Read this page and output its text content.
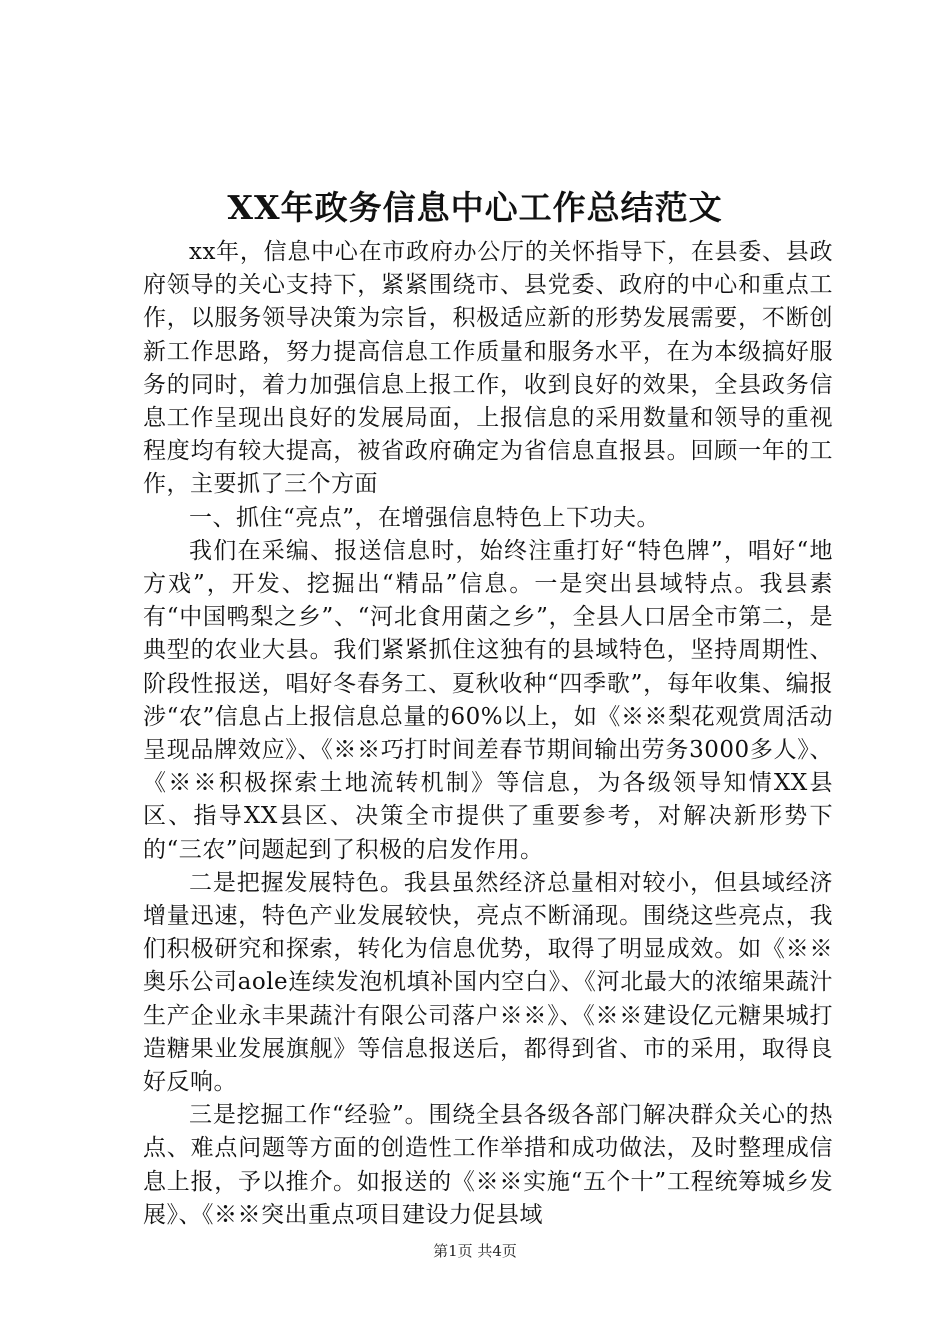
XX年政务信息中心工作总结范文

xx年，信息中心在市政府办公厅的关怀指导下，在县委、县政府领导的关心支持下，紧紧围绕市、县党委、政府的中心和重点工作，以服务领导决策为宗旨，积极适应新的形势发展需要，不断创新工作思路，努力提高信息工作质量和服务水平，在为本级搞好服务的同时，着力加强信息上报工作，收到良好的效果，全县政务信息工作呈现出良好的发展局面，上报信息的采用数量和领导的重视程度均有较大提高，被省政府确定为省信息直报县。回顾一年的工作，主要抓了三个方面

一、抓住“亮点”，在增强信息特色上下功夫。

我们在采编、报送信息时，始终注重打好“特色牌”，唱好“地方戏”，开发、挖掘出“精品”信息。一是突出县域特点。我县素有“中国鸭梨之乡”、“河北食用菌之乡”，全县人口居全市第二，是典型的农业大县。我们紧紧抓住这独有的县域特色，坚持周期性、阶段性报送，唱好冬春务工、夏秋收种“四季歌”，每年收集、编报涉“农”信息占上报信息总量的60%以上，如《※※梨花观赏周活动呈现品牌效应》、《※※巧打时间差春节期间输出劳务3000多人》、《※※积极探索土地流转机制》等信息，为各级领导知情XX县区、指导XX县区、决策全市提供了重要参考，对解决新形势下的“三农”问题起到了积极的启发作用。

二是把握发展特色。我县虽然经济总量相对较小，但县域经济增量迅速，特色产业发展较快，亮点不断涌现。围绕这些亮点，我们积极研究和探索，转化为信息优势，取得了明显成效。如《※※奥乐公司aole连续发泡机填补国内空白》、《河北最大的浓缩果蔬汁生产企业永丰果蔬汁有限公司落户※※》、《※※建设亿元糖果城打造糖果业发展旗舰》等信息报送后，都得到省、市的采用，取得良好反响。

三是挖掘工作“经验”。围绕全县各级各部门解决群众关心的热点、难点问题等方面的创造性工作举措和成功做法，及时整理成信息上报，予以推介。如报送的《※※实施“五个十”工程统筹城乡发展》、《※※突出重点项目建设力促县域

第1页 共4页
